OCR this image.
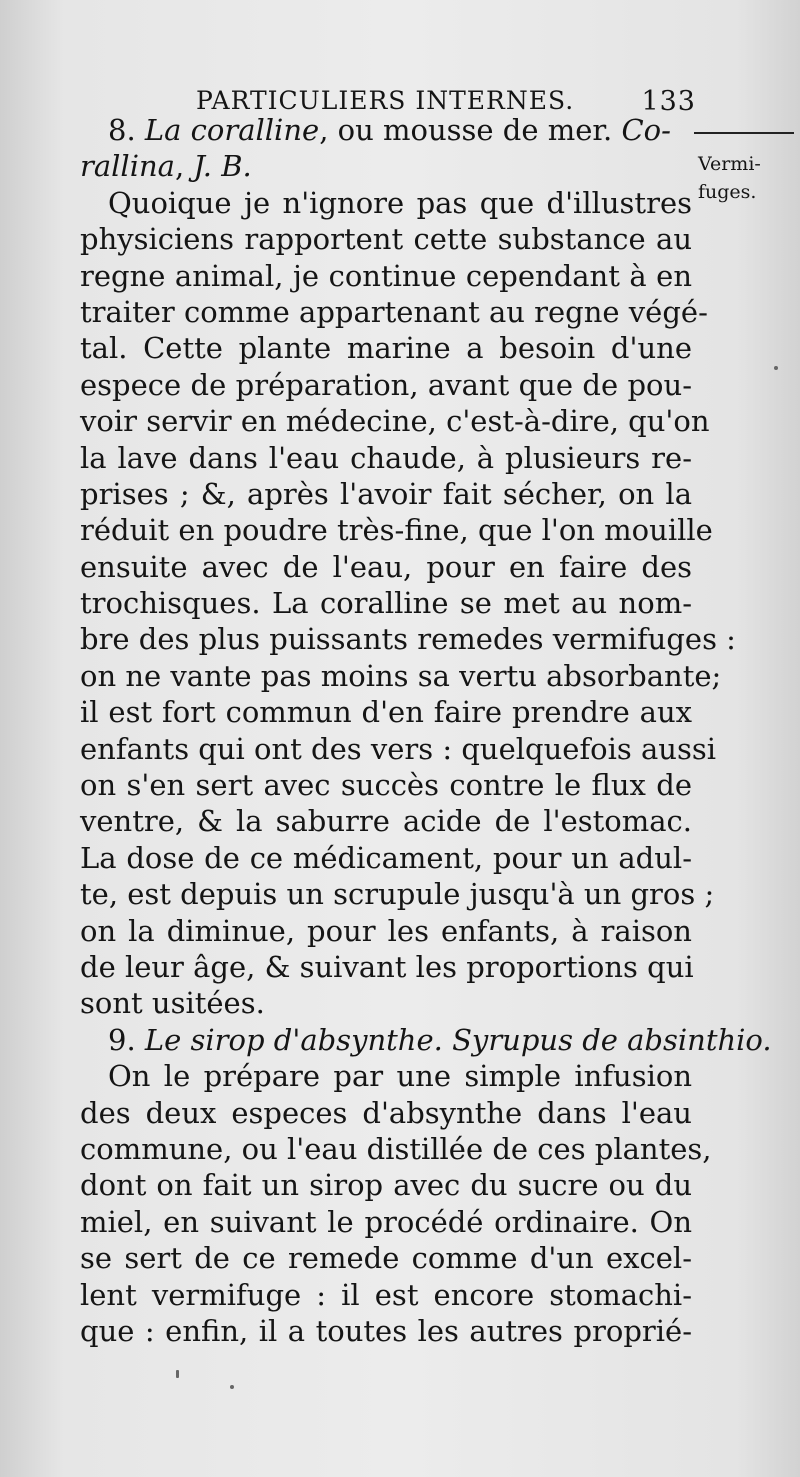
PARTICULIERS INTERNES. 133
Vermi-
fuges.
8. La coralline, ou mousse de mer. Co-
rallina, J. B.
Quoique je n'ignore pas que d'illustres
physiciens rapportent cette substance au
regne animal, je continue cependant à en
traiter comme appartenant au regne végé-
tal. Cette plante marine a besoin d'une
espece de préparation, avant que de pou-
voir servir en médecine, c'est-à-dire, qu'on
la lave dans l'eau chaude, à plusieurs re-
prises ; &, après l'avoir fait sécher, on la
réduit en poudre très-fine, que l'on mouille
ensuite avec de l'eau, pour en faire des
trochisques. La coralline se met au nom-
bre des plus puissants remedes vermifuges :
on ne vante pas moins sa vertu absorbante;
il est fort commun d'en faire prendre aux
enfants qui ont des vers : quelquefois aussi
on s'en sert avec succès contre le flux de
ventre, & la saburre acide de l'estomac.
La dose de ce médicament, pour un adul-
te, est depuis un scrupule jusqu'à un gros ;
on la diminue, pour les enfants, à raison
de leur âge, & suivant les proportions qui
sont usitées.
9. Le sirop d'absynthe. Syrupus de absinthio.
On le prépare par une simple infusion
des deux especes d'absynthe dans l'eau
commune, ou l'eau distillée de ces plantes,
dont on fait un sirop avec du sucre ou du
miel, en suivant le procédé ordinaire. On
se sert de ce remede comme d'un excel-
lent vermifuge : il est encore stomachi-
que : enfin, il a toutes les autres proprié-
